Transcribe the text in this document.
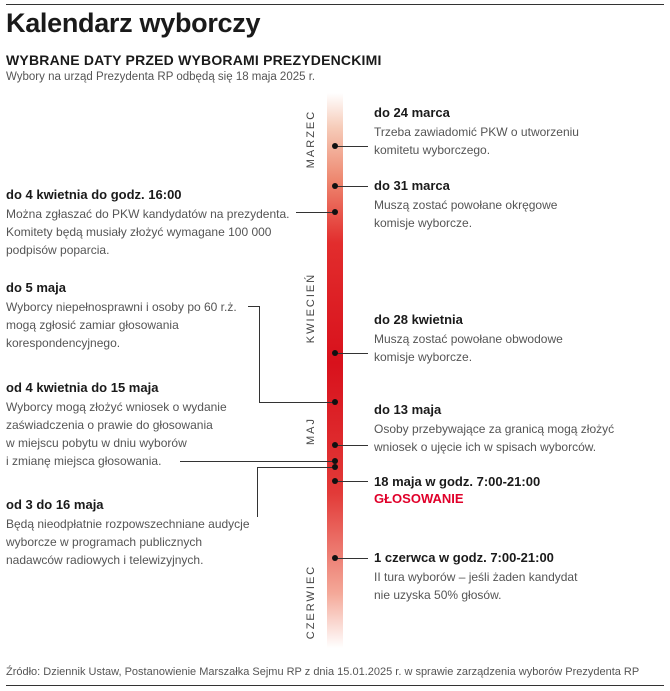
Kalendarz wyborczy
WYBRANE DATY PRZED WYBORAMI PREZYDENCKIMI
Wybory na urząd Prezydenta RP odbędą się 18 maja 2025 r.
MARZEC
KWIECIEŃ
MAJ
CZERWIEC
do 24 marca
Trzeba zawiadomić PKW o utworzeniu
komitetu wyborczego.
do 31 marca
Muszą zostać powołane okręgowe
komisje wyborcze.
do 28 kwietnia
Muszą zostać powołane obwodowe
komisje wyborcze.
do 13 maja
Osoby przebywające za granicą mogą złożyć
wniosek o ujęcie ich w spisach wyborców.
18 maja w godz. 7:00-21:00
GŁOSOWANIE
1 czerwca w godz. 7:00-21:00
II tura wyborów – jeśli żaden kandydat
nie uzyska 50% głosów.
do 4 kwietnia do godz. 16:00
Można zgłaszać do PKW kandydatów na prezydenta.
Komitety będą musiały złożyć wymagane 100 000
podpisów poparcia.
do 5 maja
Wyborcy niepełnosprawni i osoby po 60 r.ż.
mogą zgłosić zamiar głosowania
korespondencyjnego.
od 4 kwietnia do 15 maja
Wyborcy mogą złożyć wniosek o wydanie
zaświadczenia o prawie do głosowania
w miejscu pobytu w dniu wyborów
i zmianę miejsca głosowania.
od 3 do 16 maja
Będą nieodpłatnie rozpowszechniane audycje
wyborcze w programach publicznych
nadawców radiowych i telewizyjnych.
Źródło: Dziennik Ustaw, Postanowienie Marszałka Sejmu RP z dnia 15.01.2025 r. w sprawie zarządzenia wyborów Prezydenta RP
